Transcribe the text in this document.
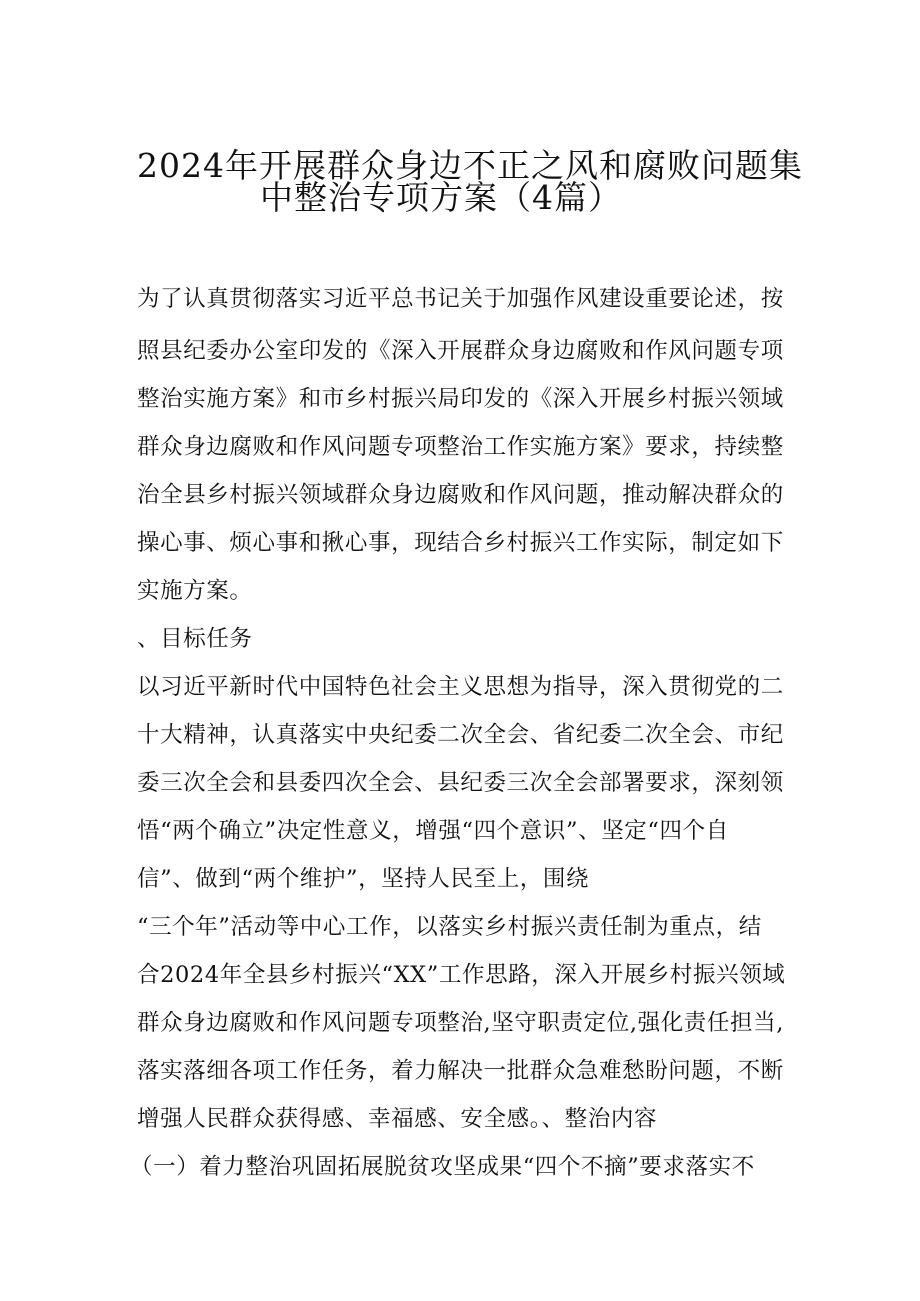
2024年开展群众身边不正之风和腐败问题集
中整治专项方案（4篇）
为了认真贯彻落实习近平总书记关于加强作风建设重要论述，按
照县纪委办公室印发的《深入开展群众身边腐败和作风问题专项
整治实施方案》和市乡村振兴局印发的《深入开展乡村振兴领域
群众身边腐败和作风问题专项整治工作实施方案》要求，持续整
治全县乡村振兴领域群众身边腐败和作风问题，推动解决群众的
操心事、烦心事和揪心事，现结合乡村振兴工作实际，制定如下
实施方案。
、目标任务
以习近平新时代中国特色社会主义思想为指导，深入贯彻党的二
十大精神，认真落实中央纪委二次全会、省纪委二次全会、市纪
委三次全会和县委四次全会、县纪委三次全会部署要求，深刻领
悟“两个确立”决定性意义，增强“四个意识”、坚定“四个自
信”、做到“两个维护”，坚持人民至上，围绕
“三个年”活动等中心工作，以落实乡村振兴责任制为重点，结
合2024年全县乡村振兴“XX”工作思路，深入开展乡村振兴领域
群众身边腐败和作风问题专项整治,坚守职责定位,强化责任担当,
落实落细各项工作任务，着力解决一批群众急难愁盼问题，不断
增强人民群众获得感、幸福感、安全感。、整治内容
（一）着力整治巩固拓展脱贫攻坚成果“四个不摘”要求落实不
